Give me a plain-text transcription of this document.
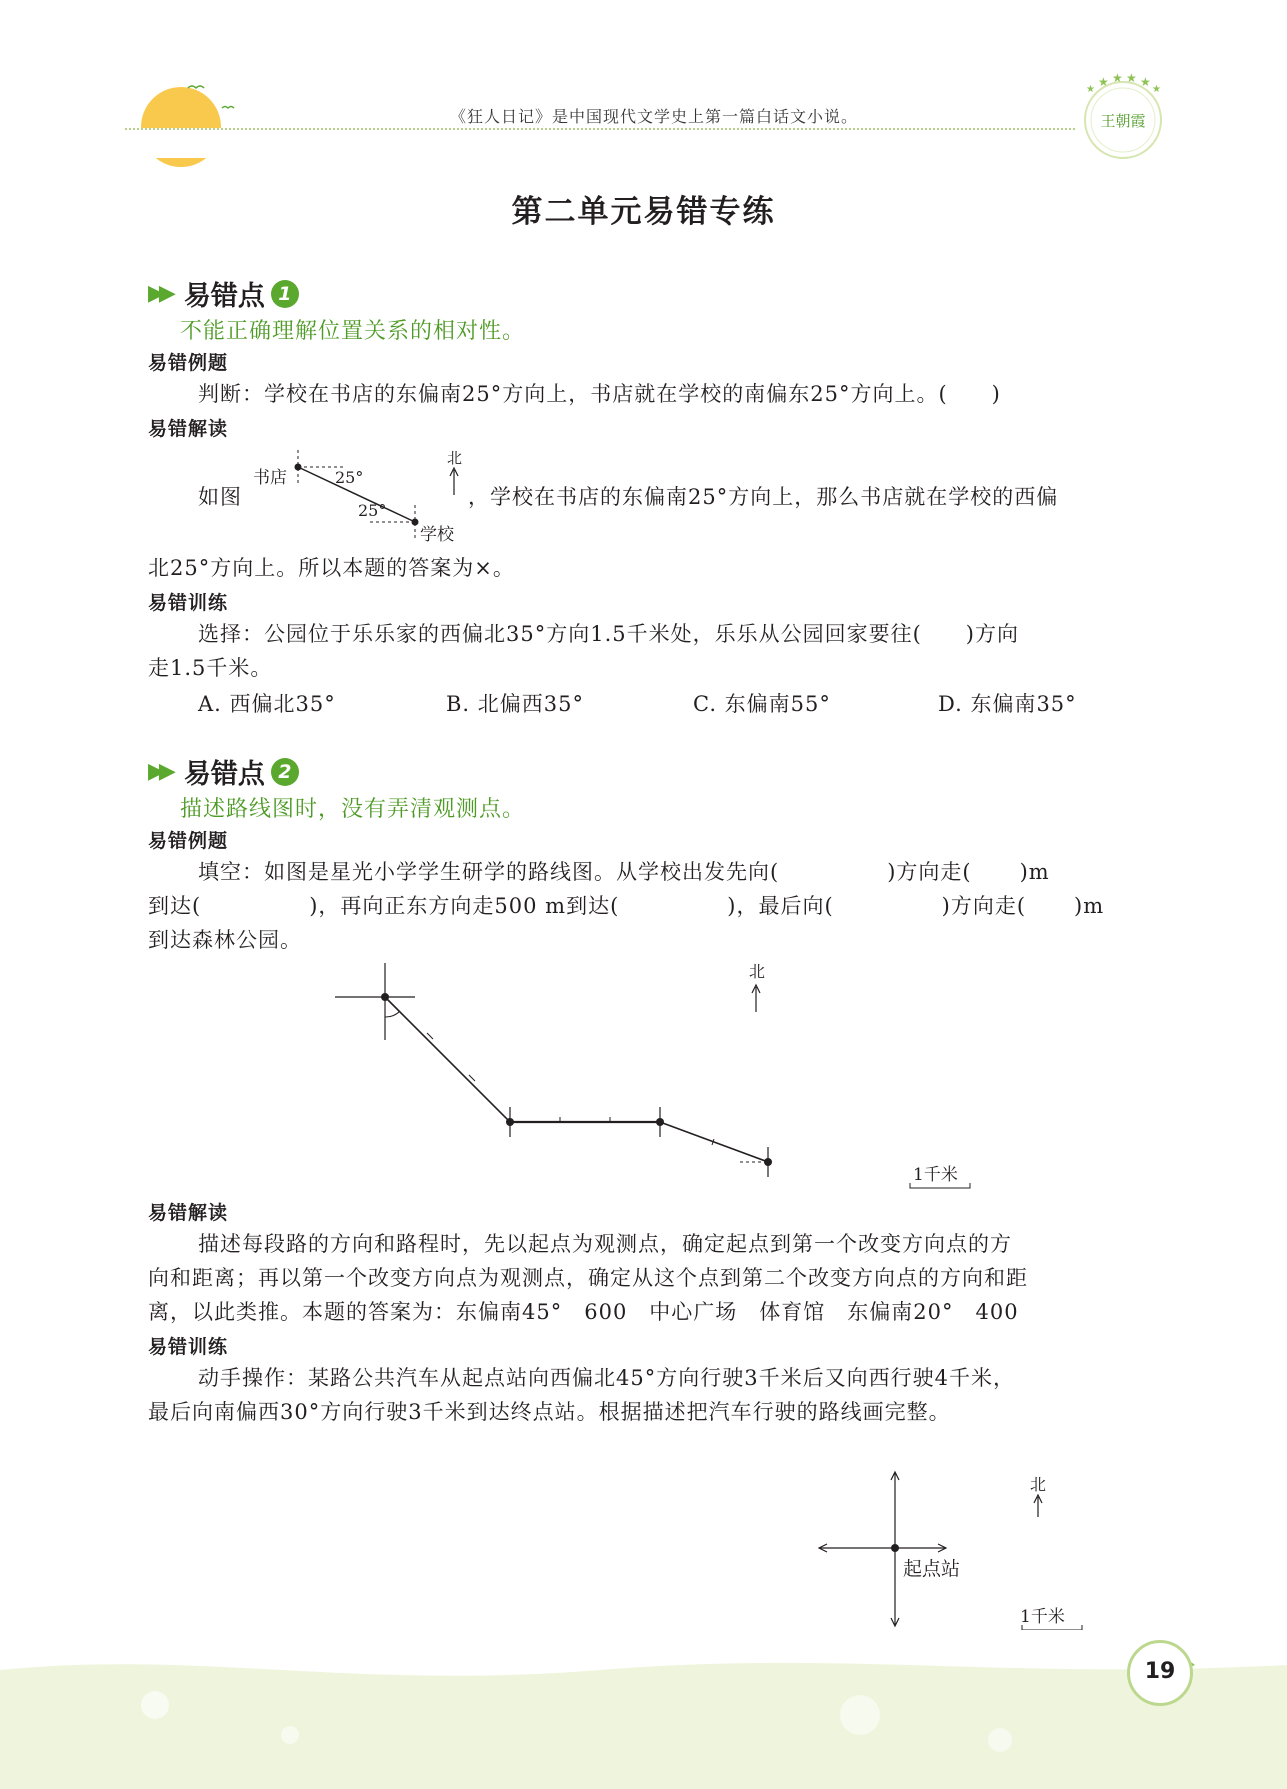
王朝霞
★ ★ ★ ★
★	★
《狂人日记》是中国现代文学史上第一篇白话文小说。
第二单元易错专练
▶▶ 易错点 1
不能正确理解位置关系的相对性。
易错例题
判断：学校在书店的东偏南25°方向上，书店就在学校的南偏东25°方向上。(　　)
易错解读
如图
书店	25°
25°
学校
北
，学校在书店的东偏南25°方向上，那么书店就在学校的西偏
北25°方向上。所以本题的答案为×。
易错训练
选择：公园位于乐乐家的西偏北35°方向1.5千米处，乐乐从公园回家要往(　　)方向
走1.5千米。
A. 西偏北35°	B. 北偏西35°	C. 东偏南55°	D. 东偏南35°
▶▶ 易错点 2
描述路线图时，没有弄清观测点。
易错例题
填空：如图是星光小学学生研学的路线图。从学校出发先向(	)方向走( )m
到达(	)，再向正东方向走500 m到达(	)，最后向(	)方向走( )m
到达森林公园。
北
1千米
易错解读
描述每段路的方向和路程时，先以起点为观测点，确定起点到第一个改变方向点的方
向和距离；再以第一个改变方向点为观测点，确定从这个点到第二个改变方向点的方向和距
离，以此类推。本题的答案为：东偏南45°　600　中心广场　体育馆　东偏南20°　400
易错训练
动手操作：某路公共汽车从起点站向西偏北45°方向行驶3千米后又向西行驶4千米，
最后向南偏西30°方向行驶3千米到达终点站。根据描述把汽车行驶的路线画完整。
起点站
北
1千米
19
